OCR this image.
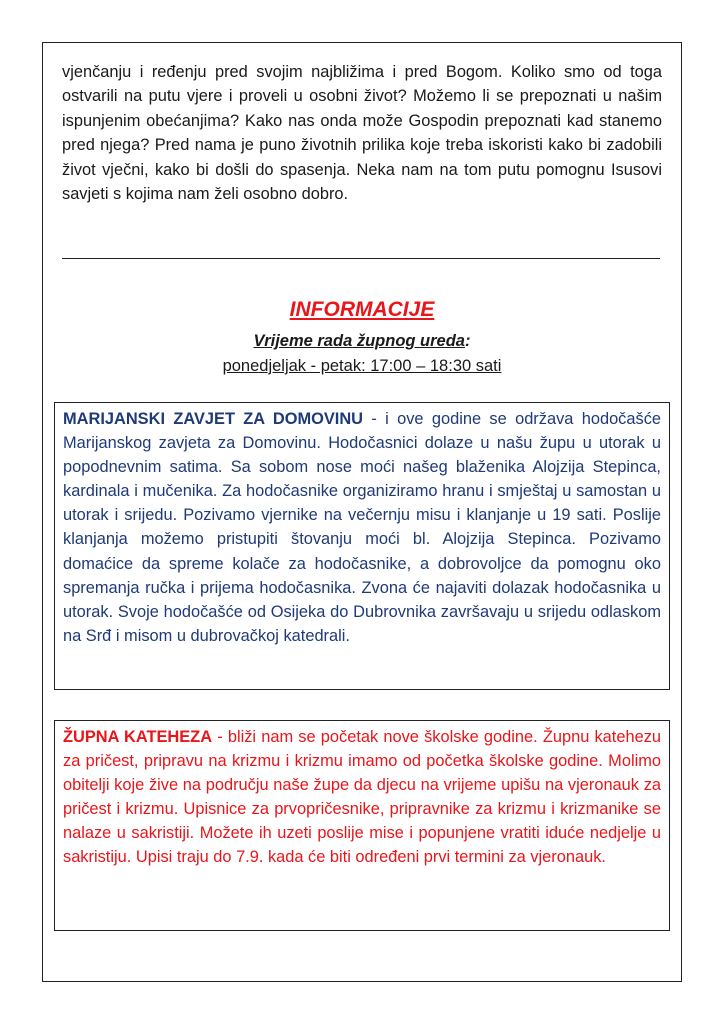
vjenčanju i ređenju pred svojim najbližima i pred Bogom. Koliko smo od toga ostvarili na putu vjere i proveli u osobni život? Možemo li se prepoznati u našim ispunjenim obećanjima? Kako nas onda može Gospodin prepoznati kad stanemo pred njega? Pred nama je puno životnih prilika koje treba iskoristi kako bi zadobili život vječni, kako bi došli do spasenja. Neka nam na tom putu pomognu Isusovi savjeti s kojima nam želi osobno dobro.

INFORMACIJE
Vrijeme rada župnog ureda:
ponedjeljak - petak: 17:00 – 18:30 sati
MARIJANSKI ZAVJET ZA DOMOVINU - i ove godine se održava hodočašće Marijanskog zavjeta za Domovinu. Hodočasnici dolaze u našu župu u utorak u popodnevnim satima. Sa sobom nose moći našeg blaženika Alojzija Stepinca, kardinala i mučenika. Za hodočasnike organiziramo hranu i smještaj u samostan u utorak i srijedu. Pozivamo vjernike na večernju misu i klanjanje u 19 sati. Poslije klanjanja možemo pristupiti štovanju moći bl. Alojzija Stepinca. Pozivamo domaćice da spreme kolače za hodočasnike, a dobrovoljce da pomognu oko spremanja ručka i prijema hodočasnika. Zvona će najaviti dolazak hodočasnika u utorak. Svoje hodočašće od Osijeka do Dubrovnika završavaju u srijedu odlaskom na Srđ i misom u dubrovačkoj katedrali.
ŽUPNA KATEHEZA - bliži nam se početak nove školske godine. Župnu katehezu za pričest, pripravu na krizmu i krizmu imamo od početka školske godine. Molimo obitelji koje žive na području naše župe da djecu na vrijeme upišu na vjeronauk za pričest i krizmu. Upisnice za prvopričesnike, pripravnike za krizmu i krizmanike se nalaze u sakristiji. Možete ih uzeti poslije mise i popunjene vratiti iduće nedjelje u sakristiju. Upisi traju do 7.9. kada će biti određeni prvi termini za vjeronauk.
